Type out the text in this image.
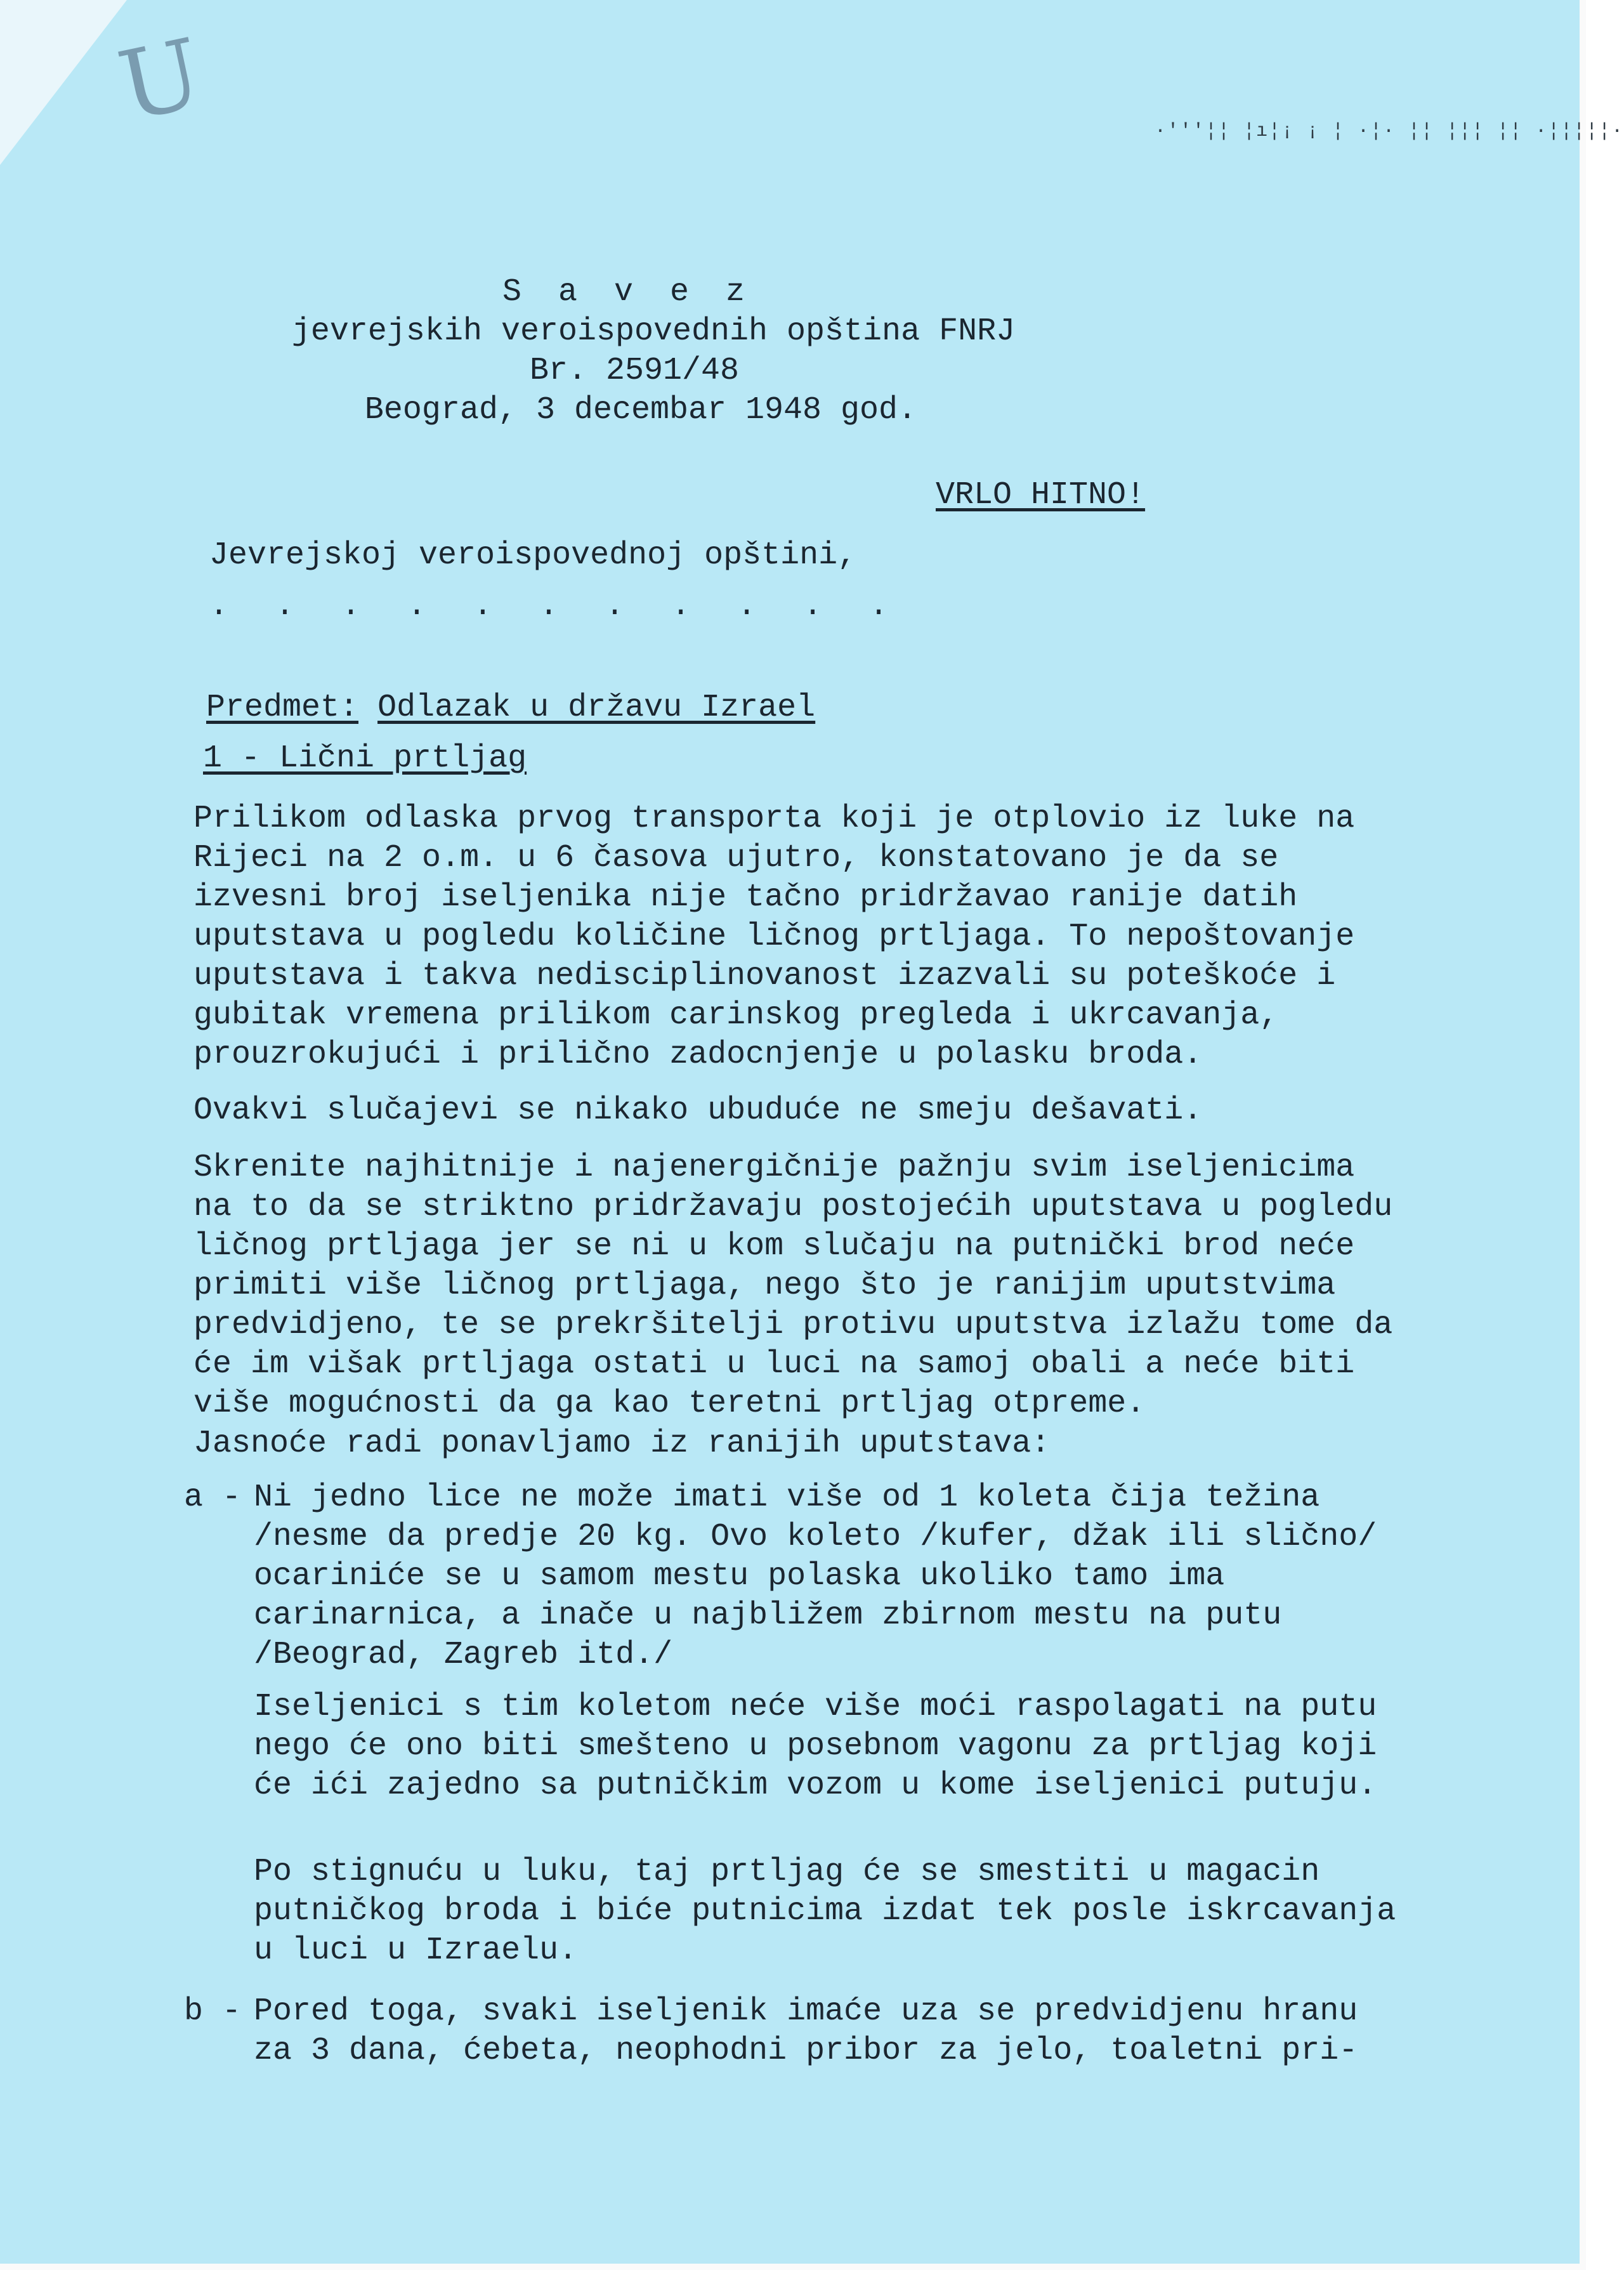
U	·'''¦¦ ¦ı¦¡ ¡ ¦ ·¦· ¦¦ ¦¦¦ ¦¦ ·¦¦¦¦¦·
S a v e z
jevrejskih veroispovednih opština FNRJ
Br. 2591/48
Beograd, 3 decembar 1948 god.
VRLO HITNO!
Jevrejskoj veroispovednoj opštini,
. . . . . . . . . . .
Predmet: Odlazak u državu Izrael
1 - Lični prtljag
Prilikom odlaska prvog transporta koji je otplovio iz luke na Rijeci na 2 o.m. u 6 časova ujutro, konstatovano je da se izvesni broj iseljenika nije tačno pridržavao ranije datih uputstava u pogledu količine ličnog prtljaga. To nepoštovanje uputstava i takva nedisciplinovanost izazvali su poteškoće i gubitak vremena prilikom carinskog pregleda i ukrcavanja, prouzrokujući i prilično zadocnjenje u polasku broda.
Ovakvi slučajevi se nikako ubuduće ne smeju dešavati.
Skrenite najhitnije i najenergičnije pažnju svim iseljenicima na to da se striktno pridržavaju postojećih uputstava u pogledu ličnog prtljaga jer se ni u kom slučaju na putnički brod neće primiti više ličnog prtljaga, nego što je ranijim uputstvima predvidjeno, te se prekršitelji protivu uputstva izlažu tome da će im višak prtljaga ostati u luci na samoj obali a neće biti više mogućnosti da ga kao teretni prtljag otpreme.
Jasnoće radi ponavljamo iz ranijih uputstava:
a - Ni jedno lice ne može imati više od 1 koleta čija težina /nesme da predje 20 kg. Ovo koleto /kufer, džak ili slično/ ocariniće se u samom mestu polaska ukoliko tamo ima carinarnica, a inače u najbližem zbirnom mestu na putu /Beograd, Zagreb itd./
Iseljenici s tim koletom neće više moći raspolagati na putu nego će ono biti smešteno u posebnom vagonu za prtljag koji će ići zajedno sa putničkim vozom u kome iseljenici putuju.
Po stignuću u luku, taj prtljag će se smestiti u magacin putničkog broda i biće putnicima izdat tek posle iskrcavanja u luci u Izraelu.
b - Pored toga, svaki iseljenik imaće uza se predvidjenu hranu za 3 dana, ćebeta, neophodni pribor za jelo, toaletni pri-
